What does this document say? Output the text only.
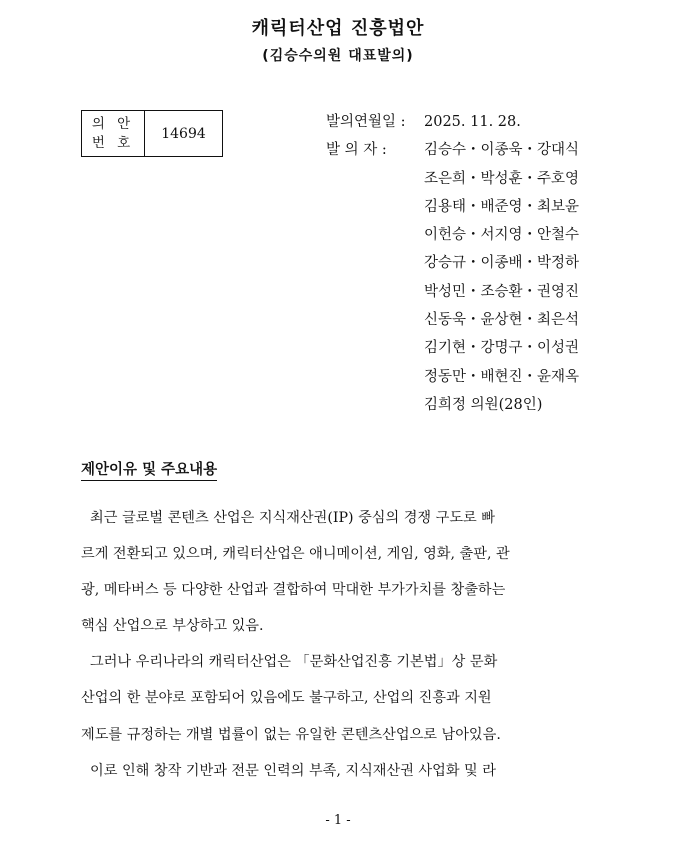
캐릭터산업 진흥법안
(김승수의원 대표발의)
의 안
번 호
14694
발의연월일 :	2025. 11. 28.
발 의 자 :	김승수・이종욱・강대식
조은희・박성훈・주호영
김용태・배준영・최보윤
이헌승・서지영・안철수
강승규・이종배・박정하
박성민・조승환・권영진
신동욱・윤상현・최은석
김기현・강명구・이성권
정동만・배현진・윤재옥
김희정 의원(28인)
제안이유 및 주요내용
최근 글로벌 콘텐츠 산업은 지식재산권(IP) 중심의 경쟁 구도로 빠
르게 전환되고 있으며, 캐릭터산업은 애니메이션, 게임, 영화, 출판, 관
광, 메타버스 등 다양한 산업과 결합하여 막대한 부가가치를 창출하는
핵심 산업으로 부상하고 있음.
그러나 우리나라의 캐릭터산업은 「문화산업진흥 기본법」상 문화
산업의 한 분야로 포함되어 있음에도 불구하고, 산업의 진흥과 지원
제도를 규정하는 개별 법률이 없는 유일한 콘텐츠산업으로 남아있음.
이로 인해 창작 기반과 전문 인력의 부족, 지식재산권 사업화 및 라
- 1 -
